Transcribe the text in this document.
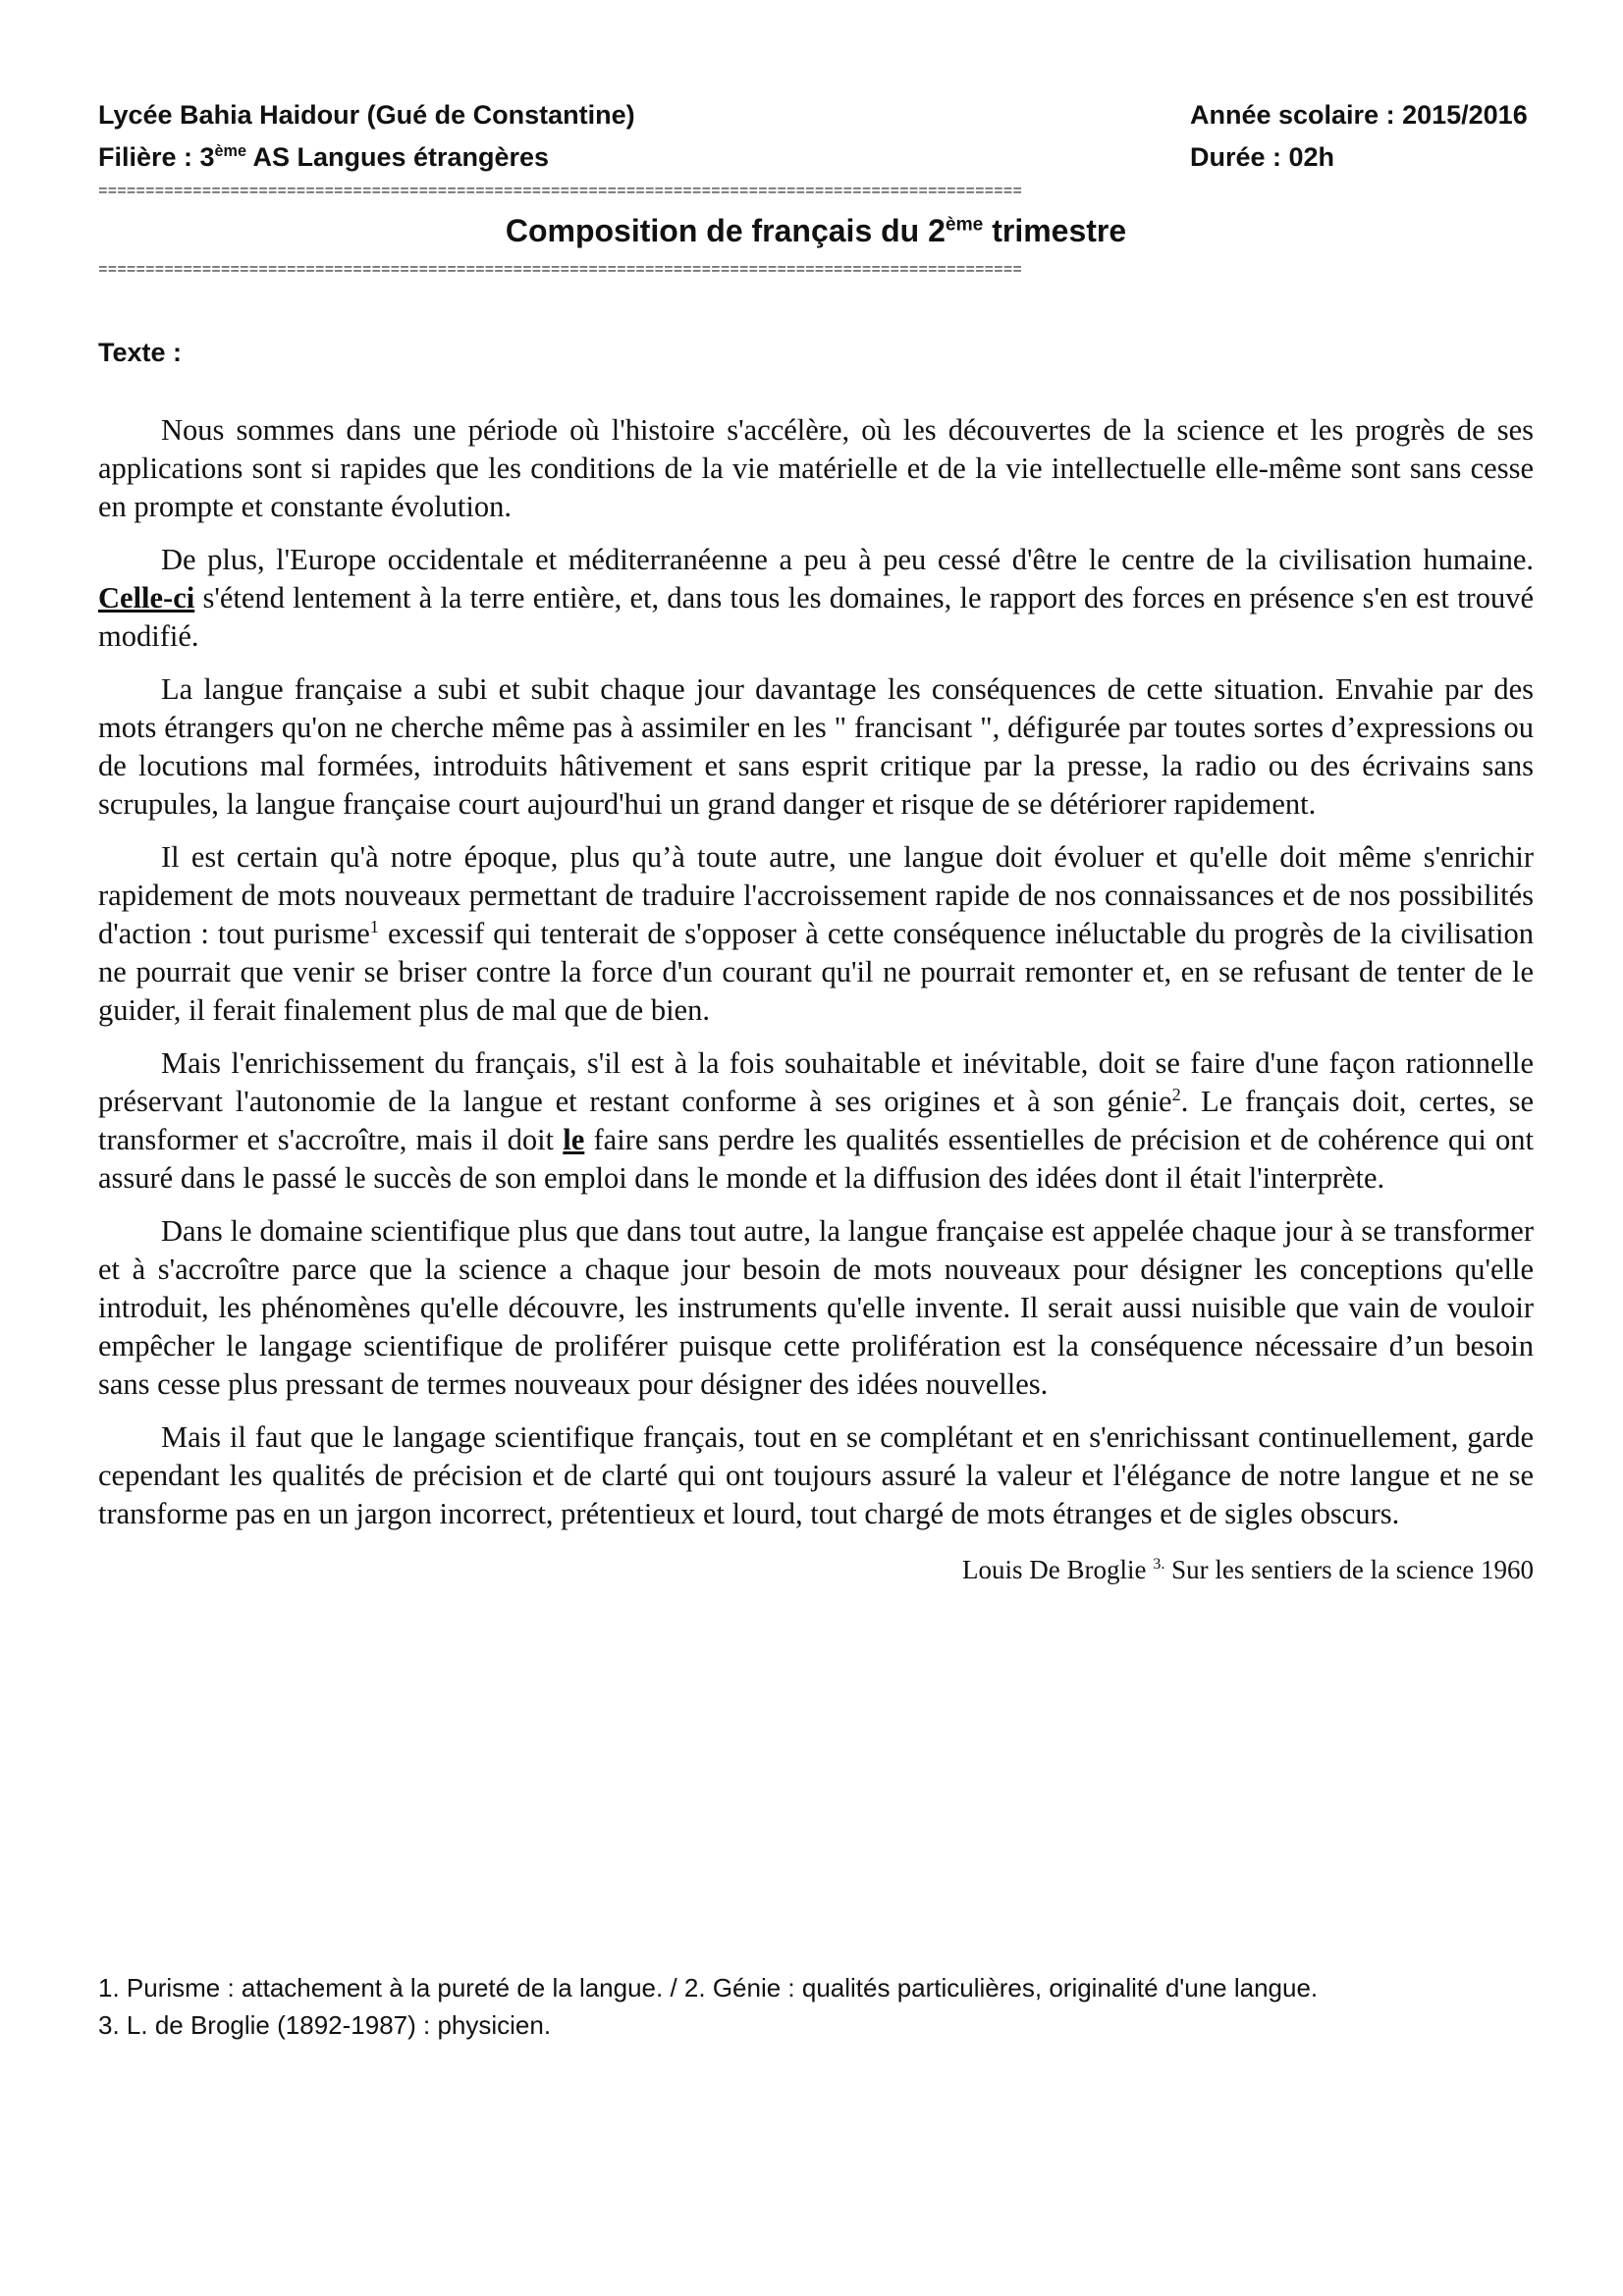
Lycée Bahia Haidour (Gué de Constantine)	Année scolaire : 2015/2016
Filière : 3ème AS Langues étrangères	Durée : 02h
==================================================================================================
Composition de français du 2ème trimestre
==================================================================================================
Texte :

Nous sommes dans une période où l'histoire s'accélère, où les découvertes de la science et les progrès de ses applications sont si rapides que les conditions de la vie matérielle et de la vie intellectuelle elle-même sont sans cesse en prompte et constante évolution.

De plus, l'Europe occidentale et méditerranéenne a peu à peu cessé d'être le centre de la civilisation humaine. Celle-ci s'étend lentement à la terre entière, et, dans tous les domaines, le rapport des forces en présence s'en est trouvé modifié.

La langue française a subi et subit chaque jour davantage les conséquences de cette situation. Envahie par des mots étrangers qu'on ne cherche même pas à assimiler en les " francisant ", défigurée par toutes sortes d’expressions ou de locutions mal formées, introduits hâtivement et sans esprit critique par la presse, la radio ou des écrivains sans scrupules, la langue française court aujourd'hui un grand danger et risque de se détériorer rapidement.

Il est certain qu'à notre époque, plus qu’à toute autre, une langue doit évoluer et qu'elle doit même s'enrichir rapidement de mots nouveaux permettant de traduire l'accroissement rapide de nos connaissances et de nos possibilités d'action : tout purisme$^1$ excessif qui tenterait de s'opposer à cette conséquence inéluctable du progrès de la civilisation ne pourrait que venir se briser contre la force d'un courant qu'il ne pourrait remonter et, en se refusant de tenter de le guider, il ferait finalement plus de mal que de bien.

Mais l'enrichissement du français, s'il est à la fois souhaitable et inévitable, doit se faire d'une façon rationnelle préservant l'autonomie de la langue et restant conforme à ses origines et à son génie$^2$. Le français doit, certes, se transformer et s'accroître, mais il doit le faire sans perdre les qualités essentielles de précision et de cohérence qui ont assuré dans le passé le succès de son emploi dans le monde et la diffusion des idées dont il était l'interprète.

Dans le domaine scientifique plus que dans tout autre, la langue française est appelée chaque jour à se transformer et à s'accroître parce que la science a chaque jour besoin de mots nouveaux pour désigner les conceptions qu'elle introduit, les phénomènes qu'elle découvre, les instruments qu'elle invente. Il serait aussi nuisible que vain de vouloir empêcher le langage scientifique de proliférer puisque cette prolifération est la conséquence nécessaire d’un besoin sans cesse plus pressant de termes nouveaux pour désigner des idées nouvelles.

Mais il faut que le langage scientifique français, tout en se complétant et en s'enrichissant continuellement, garde cependant les qualités de précision et de clarté qui ont toujours assuré la valeur et l'élégance de notre langue et ne se transforme pas en un jargon incorrect, prétentieux et lourd, tout chargé de mots étranges et de sigles obscurs.

Louis De Broglie $^{3.}$ Sur les sentiers de la science 1960
1. Purisme : attachement à la pureté de la langue. / 2. Génie : qualités particulières, originalité d'une langue.
3. L. de Broglie (1892-1987) : physicien.
